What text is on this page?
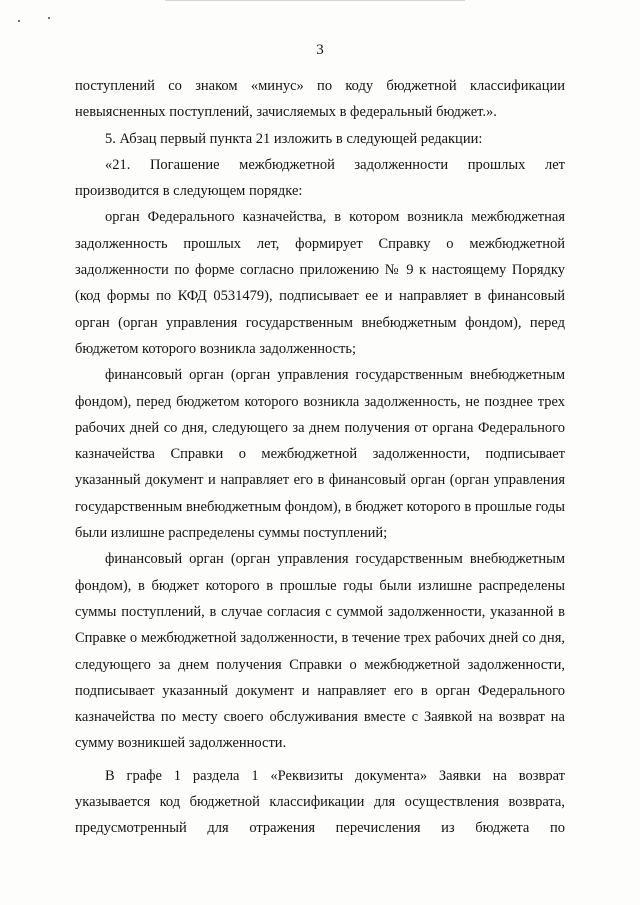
3

поступлений со знаком «минус» по коду бюджетной классификации невыясненных поступлений, зачисляемых в федеральный бюджет.».

5. Абзац первый пункта 21 изложить в следующей редакции:

«21. Погашение межбюджетной задолженности прошлых лет производится в следующем порядке:

орган Федерального казначейства, в котором возникла межбюджетная задолженность прошлых лет, формирует Справку о межбюджетной задолженности по форме согласно приложению № 9 к настоящему Порядку (код формы по КФД 0531479), подписывает ее и направляет в финансовый орган (орган управления государственным внебюджетным фондом), перед бюджетом которого возникла задолженность;

финансовый орган (орган управления государственным внебюджетным фондом), перед бюджетом которого возникла задолженность, не позднее трех рабочих дней со дня, следующего за днем получения от органа Федерального казначейства Справки о межбюджетной задолженности, подписывает указанный документ и направляет его в финансовый орган (орган управления государственным внебюджетным фондом), в бюджет которого в прошлые годы были излишне распределены суммы поступлений;

финансовый орган (орган управления государственным внебюджетным фондом), в бюджет которого в прошлые годы были излишне распределены суммы поступлений, в случае согласия с суммой задолженности, указанной в Справке о межбюджетной задолженности, в течение трех рабочих дней со дня, следующего за днем получения Справки о межбюджетной задолженности, подписывает указанный документ и направляет его в орган Федерального казначейства по месту своего обслуживания вместе с Заявкой на возврат на сумму возникшей задолженности.

В графе 1 раздела 1 «Реквизиты документа» Заявки на возврат указывается код бюджетной классификации для осуществления возврата, предусмотренный для отражения перечисления из бюджета по
